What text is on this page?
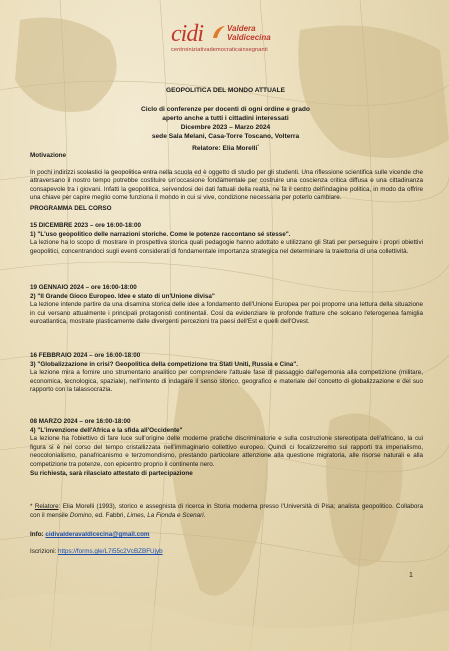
cidi	Valdera
Valdicecina
centroiniziativademocraticainsegnanti
GEOPOLITICA DEL MONDO ATTUALE
Ciclo di conferenze per docenti di ogni ordine e grado
aperto anche a tutti i cittadini interessati
Dicembre 2023 – Marzo 2024
sede Sala Melani, Casa-Torre Toscano, Volterra
Relatore: Elia Morelli*
Motivazione
In pochi indirizzi scolastici la geopolitica entra nella scuola ed è oggetto di studio per gli studenti. Una riflessione scientifica sulle vicende che attraversano il nostro tempo potrebbe costituire un'occasione fondamentale per costruire una coscienza critica diffusa e una cittadinanza consapevole tra i giovani. Infatti la geopolitica, servendosi dei dati fattuali della realtà, ne fa il centro dell'indagine politica, in modo da offrire una chiave per capire meglio come funziona il mondo in cui si vive, condizione necessaria per poterlo cambiare.
PROGRAMMA DEL CORSO
15 DICEMBRE 2023 – ore 16:00-18:00
1) "L'uso geopolitico delle narrazioni storiche. Come le potenze raccontano sé stesse".
La lezione ha lo scopo di mostrare in prospettiva storica quali pedagogie hanno adottato e utilizzano gli Stati per perseguire i propri obiettivi geopolitici, concentrandoci sugli eventi considerati di fondamentale importanza strategica nel determinare la traiettoria di una collettività.
19 GENNAIO 2024 – ore 16:00-18:00
2) "Il Grande Gioco Europeo. Idee e stato di un'Unione divisa"
La lezione intende partire da una disamina storica delle idee a fondamento dell'Unione Europea per poi proporre una lettura della situazione in cui versano attualmente i principali protagonisti continentali. Così da evidenziare le profonde fratture che solcano l'eterogenea famiglia euroatlantica, mostrate plasticamente dalle divergenti percezioni tra paesi dell'Est e quelli dell'Ovest.
16 FEBBRAIO 2024 – ore 16:00-18:00
3) "Globalizzazione in crisi? Geopolitica della competizione tra Stati Uniti, Russia e Cina".
La lezione mira a fornire uno strumentario analitico per comprendere l'attuale fase di passaggio dall'egemonia alla competizione (militare, economica, tecnologica, spaziale), nell'intento di indagare il senso storico, geografico e materiale del concetto di globalizzazione e del suo rapporto con la talassocrazia.
08 MARZO 2024 – ore 16:00-18:00
4) "L'invenzione dell'Africa e la sfida all'Occidente"
La lezione ha l'obiettivo di fare luce sull'origine delle moderne pratiche discriminatorie e sulla costruzione stereotipata dell'africano, la cui figura si è nel corso del tempo cristallizzata nell'immaginario collettivo europeo. Quindi ci focalizzeremo sui rapporti tra imperialismo, neocolonialismo, panafricanismo e terzomondismo, prestando particolare attenzione alla questione migratoria, alle risorse naturali e alla competizione tra potenze, con epicentro proprio il continente nero.
Su richiesta, sarà rilasciato attestato di partecipazione
* Relatore: Elia Morelli (1993), storico e assegnista di ricerca in Storia moderna presso l'Università di Pisa; analista geopolitico. Collabora con il mensile Domino, ed. Fabbri, Limes, La Fionda e Scenari.
Info: cidivalderavaldicecina@gmail.com
Iscrizioni: https://forms.gle/L7i55c2VcBZBFUjyb
1
